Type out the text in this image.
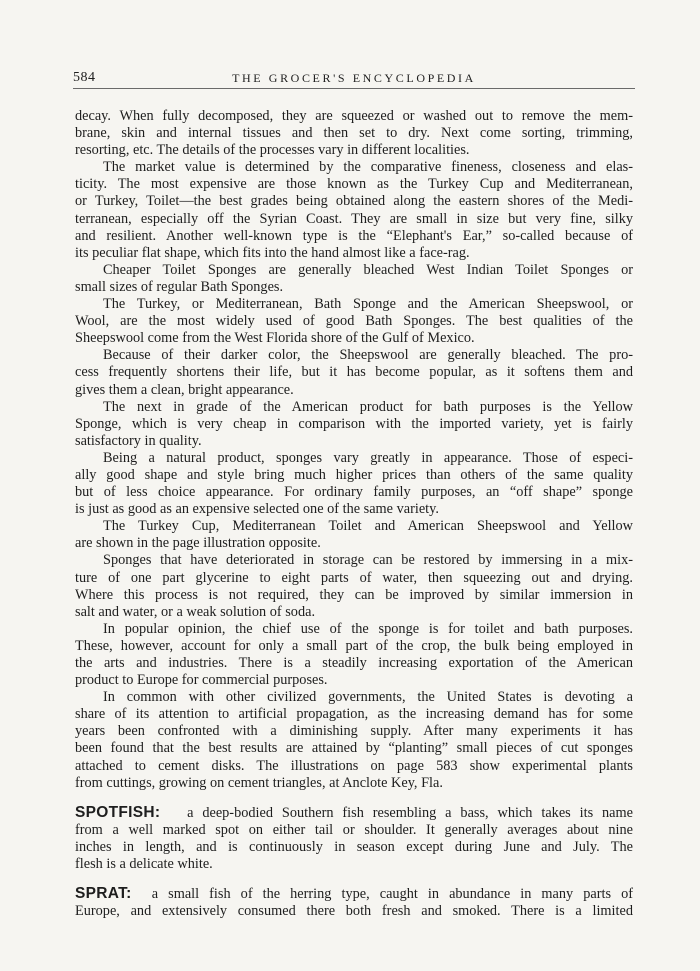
584	THE GROCER'S ENCYCLOPEDIA
decay. When fully decomposed, they are squeezed or washed out to remove the mem-
brane, skin and internal tissues and then set to dry. Next come sorting, trimming,
resorting, etc. The details of the processes vary in different localities.
The market value is determined by the comparative fineness, closeness and elas-
ticity. The most expensive are those known as the Turkey Cup and Mediterranean,
or Turkey, Toilet—the best grades being obtained along the eastern shores of the Medi-
terranean, especially off the Syrian Coast. They are small in size but very fine, silky
and resilient. Another well-known type is the “Elephant's Ear,” so-called because of
its peculiar flat shape, which fits into the hand almost like a face-rag.
Cheaper Toilet Sponges are generally bleached West Indian Toilet Sponges or
small sizes of regular Bath Sponges.
The Turkey, or Mediterranean, Bath Sponge and the American Sheepswool, or
Wool, are the most widely used of good Bath Sponges. The best qualities of the
Sheepswool come from the West Florida shore of the Gulf of Mexico.
Because of their darker color, the Sheepswool are generally bleached. The pro-
cess frequently shortens their life, but it has become popular, as it softens them and
gives them a clean, bright appearance.
The next in grade of the American product for bath purposes is the Yellow
Sponge, which is very cheap in comparison with the imported variety, yet is fairly
satisfactory in quality.
Being a natural product, sponges vary greatly in appearance. Those of especi-
ally good shape and style bring much higher prices than others of the same quality
but of less choice appearance. For ordinary family purposes, an “off shape” sponge
is just as good as an expensive selected one of the same variety.
The Turkey Cup, Mediterranean Toilet and American Sheepswool and Yellow
are shown in the page illustration opposite.
Sponges that have deteriorated in storage can be restored by immersing in a mix-
ture of one part glycerine to eight parts of water, then squeezing out and drying.
Where this process is not required, they can be improved by similar immersion in
salt and water, or a weak solution of soda.
In popular opinion, the chief use of the sponge is for toilet and bath purposes.
These, however, account for only a small part of the crop, the bulk being employed in
the arts and industries. There is a steadily increasing exportation of the American
product to Europe for commercial purposes.
In common with other civilized governments, the United States is devoting a
share of its attention to artificial propagation, as the increasing demand has for some
years been confronted with a diminishing supply. After many experiments it has
been found that the best results are attained by “planting” small pieces of cut sponges
attached to cement disks. The illustrations on page 583 show experimental plants
from cuttings, growing on cement triangles, at Anclote Key, Fla.
SPOTFISH: a deep-bodied Southern fish resembling a bass, which takes its name
from a well marked spot on either tail or shoulder. It generally averages about nine
inches in length, and is continuously in season except during June and July. The
flesh is a delicate white.
SPRAT: a small fish of the herring type, caught in abundance in many parts of
Europe, and extensively consumed there both fresh and smoked. There is a limited
